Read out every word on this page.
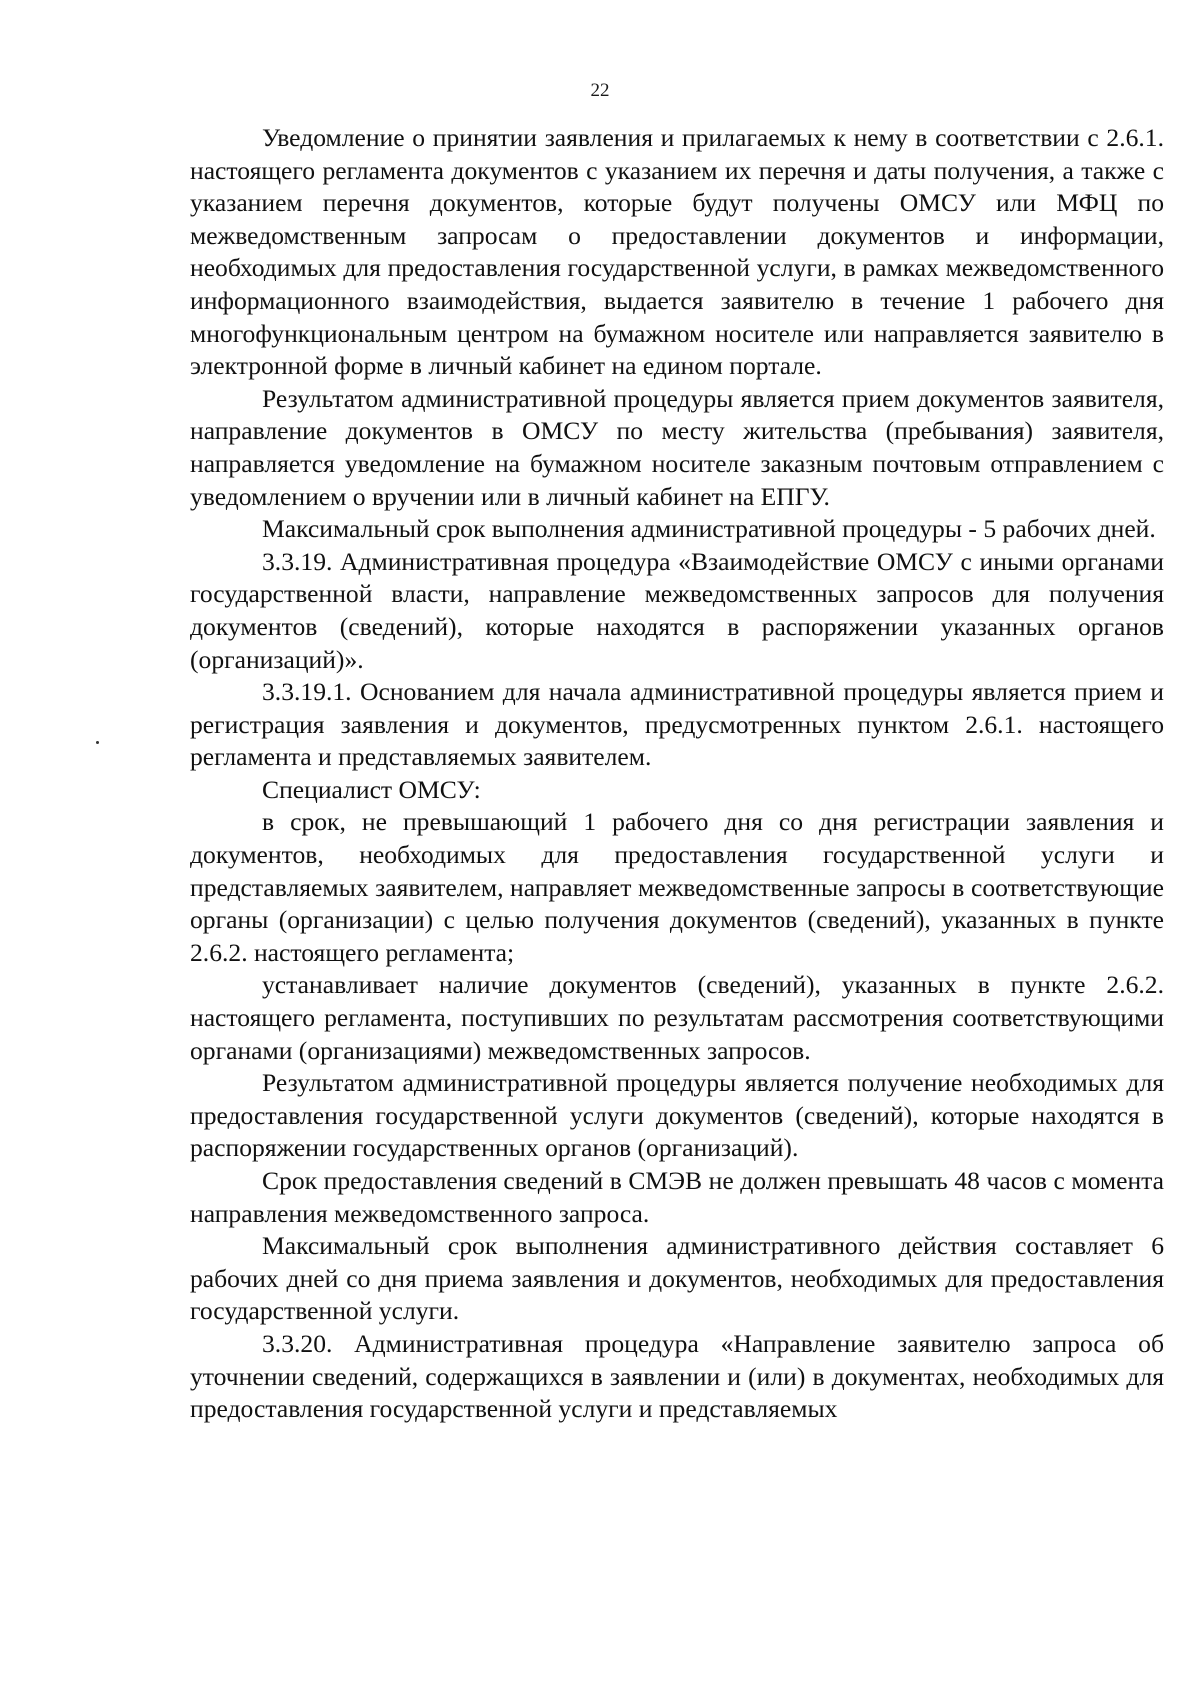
22

Уведомление о принятии заявления и прилагаемых к нему в соответствии с 2.6.1. настоящего регламента документов с указанием их перечня и даты получения, а также с указанием перечня документов, которые будут получены ОМСУ или МФЦ по межведомственным запросам о предоставлении документов и информации, необходимых для предоставления государственной услуги, в рамках межведомственного информационного взаимодействия, выдается заявителю в течение 1 рабочего дня многофункциональным центром на бумажном носителе или направляется заявителю в электронной форме в личный кабинет на едином портале.

Результатом административной процедуры является прием документов заявителя, направление документов в ОМСУ по месту жительства (пребывания) заявителя, направляется уведомление на бумажном носителе заказным почтовым отправлением с уведомлением о вручении или в личный кабинет на ЕПГУ.

Максимальный срок выполнения административной процедуры - 5 рабочих дней.

3.3.19. Административная процедура «Взаимодействие ОМСУ с иными органами государственной власти, направление межведомственных запросов для получения документов (сведений), которые находятся в распоряжении указанных органов (организаций)».

3.3.19.1. Основанием для начала административной процедуры является прием и регистрация заявления и документов, предусмотренных пунктом 2.6.1. настоящего регламента и представляемых заявителем.

Специалист ОМСУ:

в срок, не превышающий 1 рабочего дня со дня регистрации заявления и документов, необходимых для предоставления государственной услуги и представляемых заявителем, направляет межведомственные запросы в соответствующие органы (организации) с целью получения документов (сведений), указанных в пункте 2.6.2. настоящего регламента;

устанавливает наличие документов (сведений), указанных в пункте 2.6.2. настоящего регламента, поступивших по результатам рассмотрения соответствующими органами (организациями) межведомственных запросов.

Результатом административной процедуры является получение необходимых для предоставления государственной услуги документов (сведений), которые находятся в распоряжении государственных органов (организаций).

Срок предоставления сведений в СМЭВ не должен превышать 48 часов с момента направления межведомственного запроса.

Максимальный срок выполнения административного действия составляет 6 рабочих дней со дня приема заявления и документов, необходимых для предоставления государственной услуги.

3.3.20. Административная процедура «Направление заявителю запроса об уточнении сведений, содержащихся в заявлении и (или) в документах, необходимых для предоставления государственной услуги и представляемых
